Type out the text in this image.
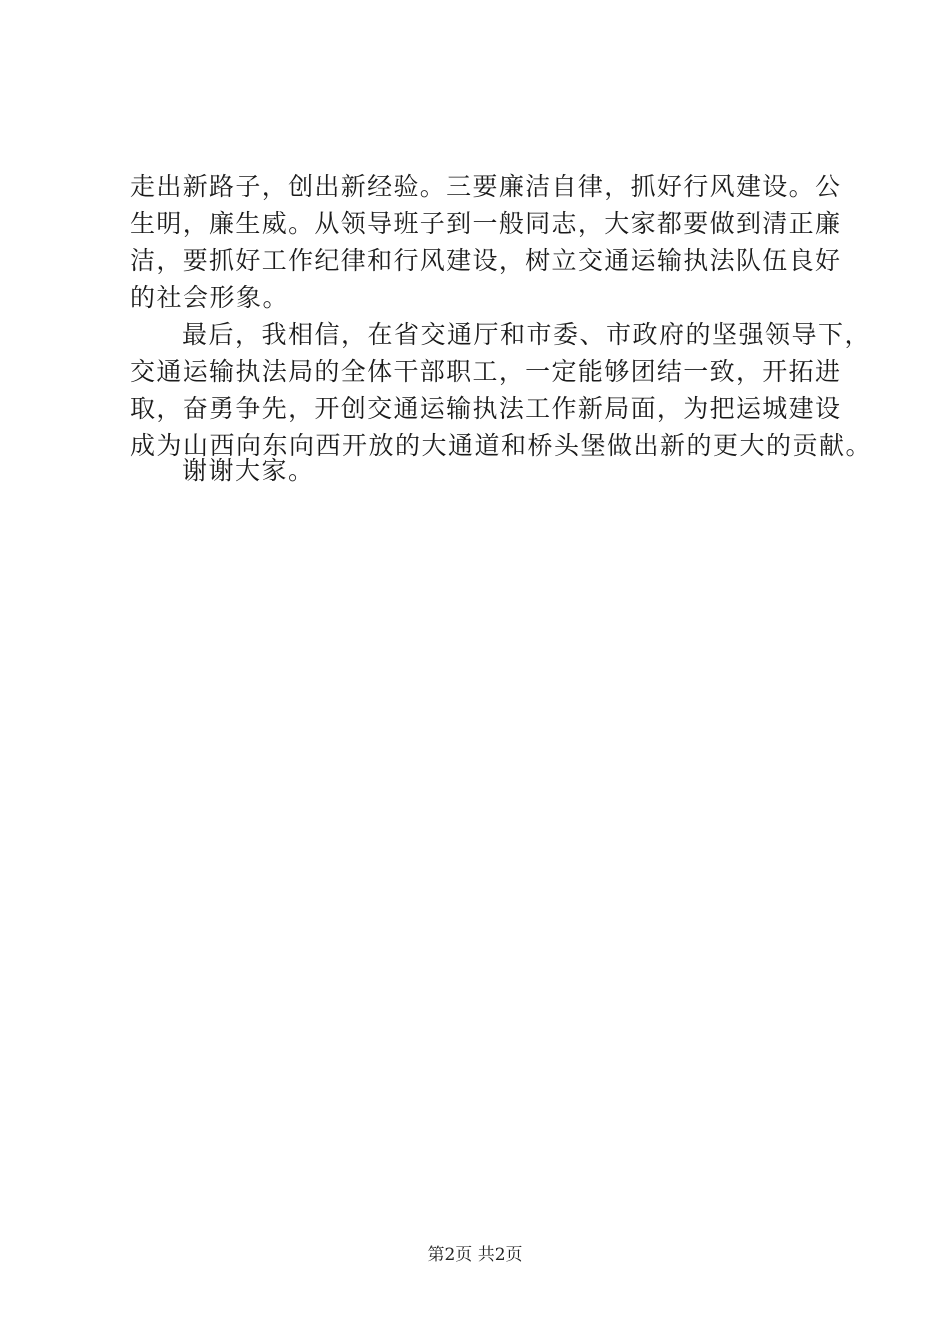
走出新路子，创出新经验。三要廉洁自律，抓好行风建设。公
生明，廉生威。从领导班子到一般同志，大家都要做到清正廉
洁，要抓好工作纪律和行风建设，树立交通运输执法队伍良好
的社会形象。
最后，我相信，在省交通厅和市委、市政府的坚强领导下，
交通运输执法局的全体干部职工，一定能够团结一致，开拓进
取，奋勇争先，开创交通运输执法工作新局面，为把运城建设
成为山西向东向西开放的大通道和桥头堡做出新的更大的贡献。
谢谢大家。
第2页 共2页
